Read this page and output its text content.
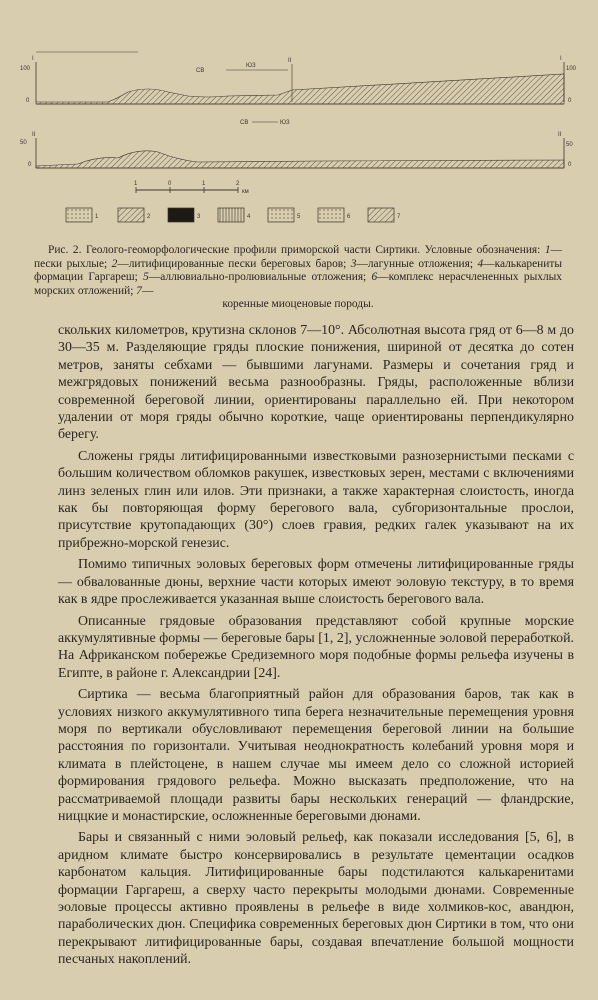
100
0
I
100
0
I
СВ
ЮЗ
II
СВ	ЮЗ
50
0
II	II
50
0
1	0	1	2
км
1	2	3	4	5	6	7
Рис. 2. Геолого-геоморфологические профили приморской части Сиртики. Условные обозначения: 1—пески рыхлые; 2—литифицированные пески береговых баров; 3—лагунные отложения; 4—калькарениты формации Гаргареш; 5—аллювиально-пролювиальные отложения; 6—комплекс нерасчлененных рыхлых морских отложений; 7—
коренные миоценовые породы.

скольких километров, крутизна склонов 7—10°. Абсолютная высота гряд от 6—8 м до 30—35 м. Разделяющие гряды плоские понижения, шириной от десятка до сотен метров, заняты себхами — бывшими лагунами. Размеры и сочетания гряд и межгрядовых понижений весьма разнообразны. Гряды, расположенные вблизи современной береговой линии, ориентированы параллельно ей. При некотором удалении от моря гряды обычно короткие, чаще ориентированы перпендикулярно берегу.

Сложены гряды литифицированными известковыми разнозернистыми песками с большим количеством обломков ракушек, известковых зерен, местами с включениями линз зеленых глин или илов. Эти признаки, а также характерная слоистость, иногда как бы повторяющая форму берегового вала, субгоризонтальные прослои, присутствие крутопадающих (30°) слоев гравия, редких галек указывают на их прибрежно-морской генезис.

Помимо типичных эоловых береговых форм отмечены литифицированные гряды — обвалованные дюны, верхние части которых имеют эоловую текстуру, в то время как в ядре прослеживается указанная выше слоистость берегового вала.

Описанные грядовые образования представляют собой крупные морские аккумулятивные формы — береговые бары [1, 2], усложненные эоловой переработкой. На Африканском побережье Средиземного моря подобные формы рельефа изучены в Египте, в районе г. Александрии [24].

Сиртика — весьма благоприятный район для образования баров, так как в условиях низкого аккумулятивного типа берега незначительные перемещения уровня моря по вертикали обусловливают перемещения береговой линии на большие расстояния по горизонтали. Учитывая неоднократность колебаний уровня моря и климата в плейстоцене, в нашем случае мы имеем дело со сложной историей формирования грядового рельефа. Можно высказать предположение, что на рассматриваемой площади развиты бары нескольких генераций — фландрские, ниццкие и монастирские, осложненные береговыми дюнами.

Бары и связанный с ними эоловый рельеф, как показали исследования [5, 6], в аридном климате быстро консервировались в результате цементации осадков карбонатом кальция. Литифицированные бары подстилаются калькаренитами формации Гаргареш, а сверху часто перекрыты молодыми дюнами. Современные эоловые процессы активно проявлены в рельефе в виде холмиков-кос, авандюн, параболических дюн. Специфика современных береговых дюн Сиртики в том, что они перекрывают литифицированные бары, создавая впечатление большой мощности песчаных накоплений.
